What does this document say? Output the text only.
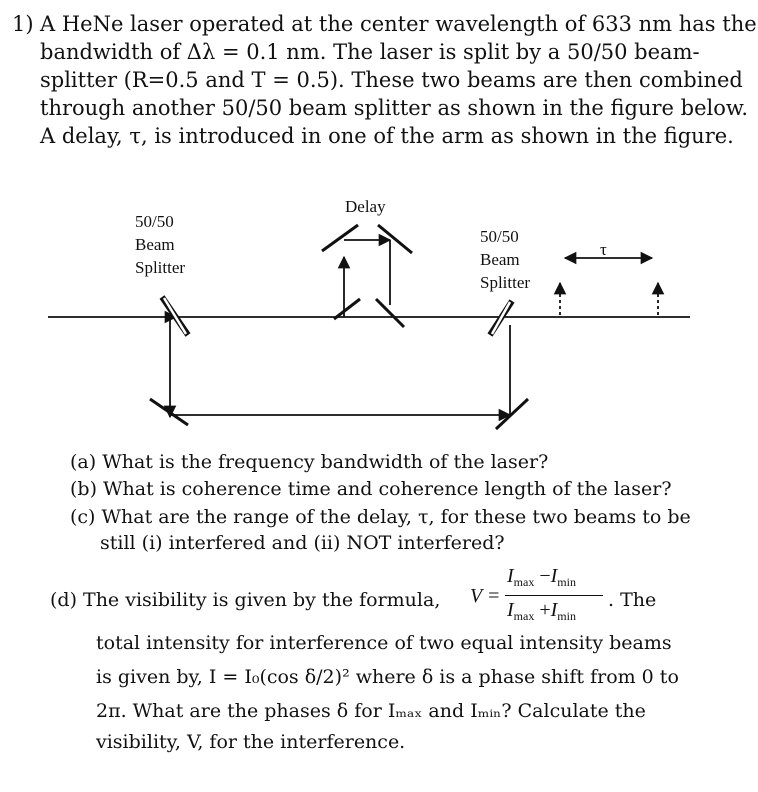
1) A HeNe laser operated at the center wavelength of 633 nm has the
bandwidth of Δλ = 0.1 nm. The laser is split by a 50/50 beam-
splitter (R=0.5 and T = 0.5). These two beams are then combined
through another 50/50 beam splitter as shown in the figure below.
A delay, τ, is introduced in one of the arm as shown in the figure.
50/50
Beam
Splitter
Delay
50/50
Beam
Splitter
τ
(a) What is the frequency bandwidth of the laser?
(b) What is coherence time and coherence length of the laser?
(c) What are the range of the delay, τ, for these two beams to be
still (i) interfered and (ii) NOT interfered?
(d) The visibility is given by the formula, V =
$I_{max} -I_{min}$
$I_{max} +I_{min}$
. The
total intensity for interference of two equal intensity beams
is given by, I = I₀(cos δ/2)² where δ is a phase shift from 0 to
2π. What are the phases δ for Iₘₐₓ and Iₘᵢₙ? Calculate the
visibility, V, for the interference.
